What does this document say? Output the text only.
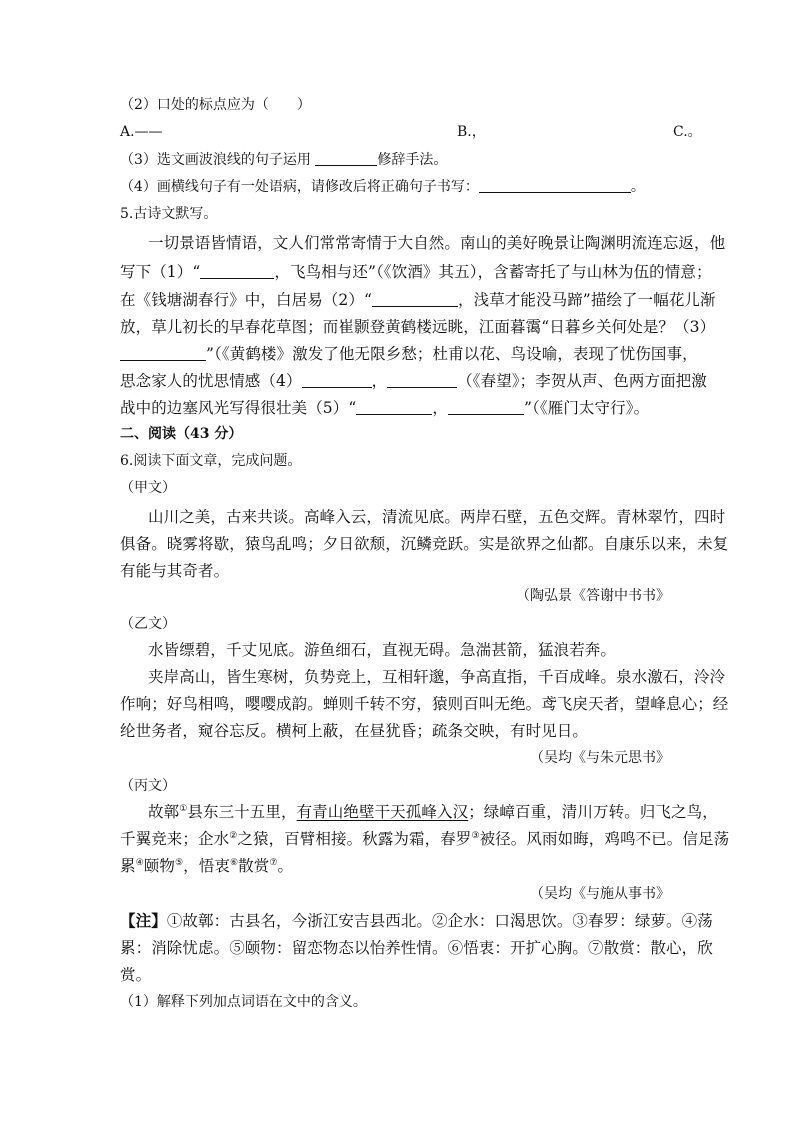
（2）口处的标点应为（　　）
A.——	B.，	C.。
（3）选文画波浪线的句子运用	修辞手法。
（4）画横线句子有一处语病，请修改后将正确句子书写：	。
5.古诗文默写。
一切景语皆情语，文人们常常寄情于大自然。南山的美好晚景让陶渊明流连忘返，他
写下（1）“	，飞鸟相与还”（《饮酒》其五），含蓄寄托了与山林为伍的情意；
在《钱塘湖春行》中，白居易（2）“	，浅草才能没马蹄”描绘了一幅花儿渐
放，草儿初长的早春花草图；而崔颢登黄鹤楼远眺，江面暮霭“日暮乡关何处是？（3）
”（《黄鹤楼》激发了他无限乡愁；杜甫以花、鸟设喻，表现了忧伤国事，
思念家人的忧思情感（4）	，	（《春望》；李贺从声、色两方面把激
战中的边塞风光写得很壮美（5）“	，	”（《雁门太守行》。
二、阅读（43 分）
6.阅读下面文章，完成问题。
（甲文）
山川之美，古来共谈。高峰入云，清流见底。两岸石壁，五色交辉。青林翠竹，四时
俱备。晓雾将歇，猿鸟乱鸣；夕日欲颓，沉鳞竞跃。实是欲界之仙都。自康乐以来，未复
有能与其奇者。
（陶弘景《答谢中书书》
（乙文）
水皆缥碧，千丈见底。游鱼细石，直视无碍。急湍甚箭，猛浪若奔。
夹岸高山，皆生寒树，负势竞上，互相轩邈，争高直指，千百成峰。泉水激石，泠泠
作响；好鸟相鸣，嘤嘤成韵。蝉则千转不穷，猿则百叫无绝。鸢飞戾天者，望峰息心；经
纶世务者，窥谷忘反。横柯上蔽，在昼犹昏；疏条交映，有时见日。
（吴均《与朱元思书》
（丙文）
故鄣①县东三十五里，有青山绝壁干天孤峰入汉；绿嶂百重，清川万转。归飞之鸟，
千翼竞来；企水②之猿，百臂相接。秋露为霜，春罗③被径。风雨如晦，鸡鸣不已。信足荡
累④颐物⑤，悟衷⑥散赏⑦。
（吴均《与施从事书》
【注】①故鄣：古县名，今浙江安吉县西北。②企水：口渴思饮。③春罗：绿萝。④荡
累：消除忧虑。⑤颐物：留恋物态以怡养性情。⑥悟衷：开扩心胸。⑦散赏：散心，欣
赏。
（1）解释下列加点词语在文中的含义。
